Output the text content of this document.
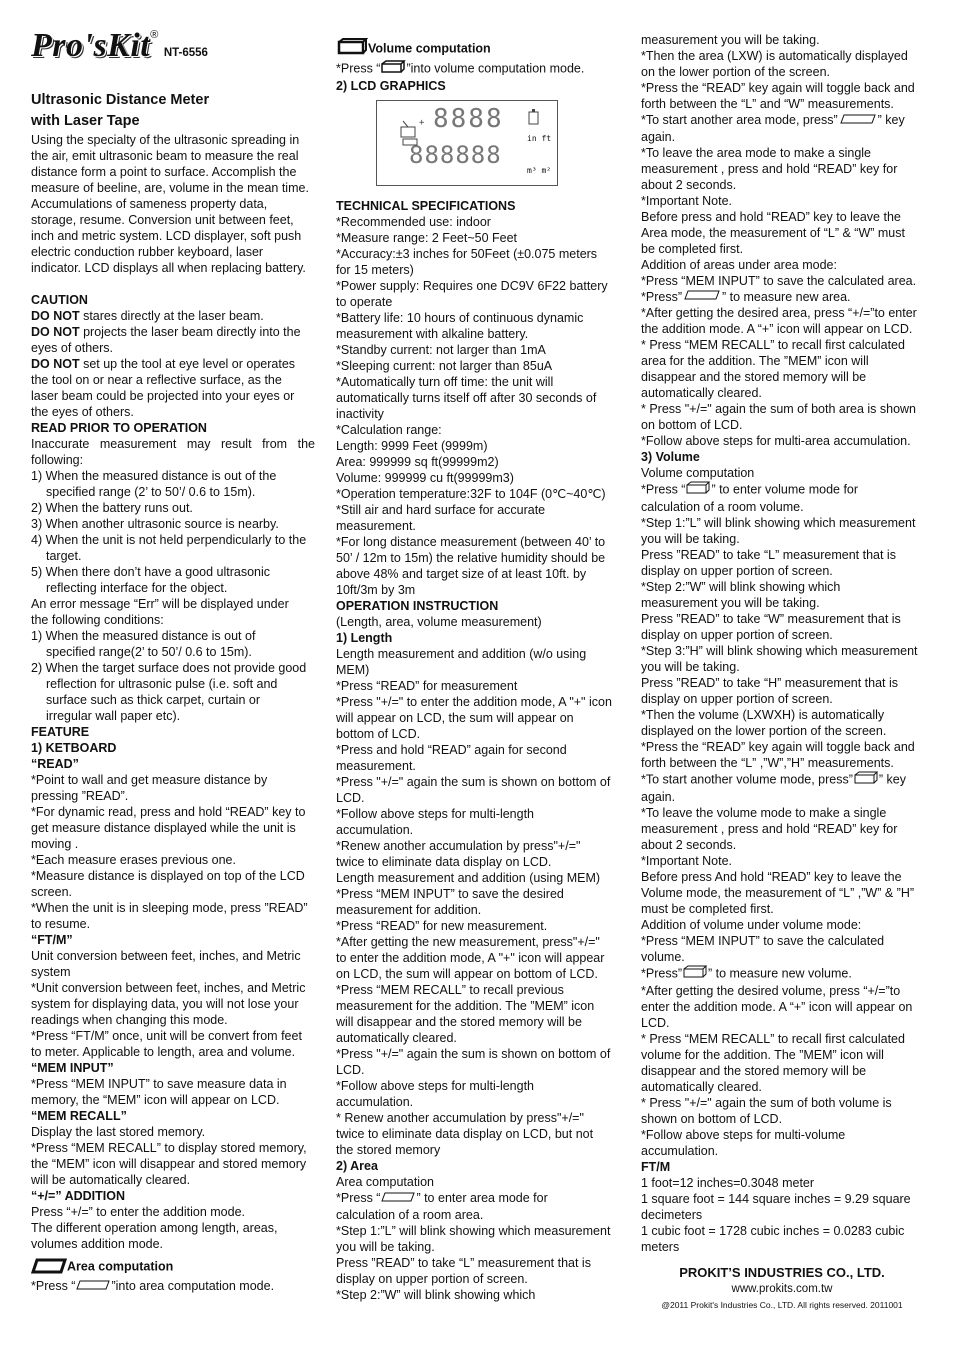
Pro'sKit® NT-6556
Ultrasonic Distance Meter
with Laser Tape
Using the specialty of the ultrasonic spreading in
the air, emit ultrasonic beam to measure the real
distance form a point to surface. Accomplish the
measure of beeline, are, volume in the mean time.
Accumulations of sameness property data,
storage, resume. Conversion unit between feet,
inch and metric system. LCD displayer, soft push
electric conduction rubber keyboard, laser
indicator. LCD displays all when replacing battery.
CAUTION
DO NOT stares directly at the laser beam.
DO NOT projects the laser beam directly into the
eyes of others.
DO NOT set up the tool at eye level or operates
the tool on or near a reflective surface, as the
laser beam could be projected into your eyes or
the eyes of others.
READ PRIOR TO OPERATION
Inaccurate measurement may result from the
following:
1) When the measured distance is out of the
specified range (2’ to 50’/ 0.6 to 15m).
2) When the battery runs out.
3) When another ultrasonic source is nearby.
4) When the unit is not held perpendicularly to the
target.
5) When there don’t have a good ultrasonic
reflecting interface for the object.
An error message “Err” will be displayed under
the following conditions:
1) When the measured distance is out of
specified range(2’ to 50’/ 0.6 to 15m).
2) When the target surface does not provide good
reflection for ultrasonic pulse (i.e. soft and
surface such as thick carpet, curtain or
irregular wall paper etc).
FEATURE
1) KETBOARD
“READ”
*Point to wall and get measure distance by
pressing ”READ”.
*For dynamic read, press and hold “READ” key to
get measure distance displayed while the unit is
moving .
*Each measure erases previous one.
*Measure distance is displayed on top of the LCD
screen.
*When the unit is in sleeping mode, press ”READ”
to resume.
“FT/M”
Unit conversion between feet, inches, and Metric
system
*Unit conversion between feet, inches, and Metric
system for displaying data, you will not lose your
readings when changing this mode.
*Press “FT/M” once, unit will be convert from feet
to meter. Applicable to length, area and volume.
“MEM INPUT”
*Press “MEM INPUT” to save measure data in
memory, the “MEM” icon will appear on LCD.
“MEM RECALL”
Display the last stored memory.
*Press “MEM RECALL” to display stored memory,
the “MEM” icon will disappear and stored memory
will be automatically cleared.
“+/=” ADDITION
Press “+/=” to enter the addition mode.
The different operation among length, areas,
volumes addition mode.
Area computation
*Press “	”into area computation mode.
Volume computation
*Press “ ”into volume computation mode.
2) LCD GRAPHICS
+ 8888
888888
in ft
m³ m²
TECHNICAL SPECIFICATIONS
*Recommended use: indoor
*Measure range: 2 Feet~50 Feet
*Accuracy:±3 inches for 50Feet (±0.075 meters
for 15 meters)
*Power supply: Requires one DC9V 6F22 battery
to operate
*Battery life: 10 hours of continuous dynamic
measurement with alkaline battery.
*Standby current: not larger than 1mA
*Sleeping current: not larger than 85uA
*Automatically turn off time: the unit will
automatically turns itself off after 30 seconds of
inactivity
*Calculation range:
Length: 9999 Feet (9999m)
Area: 999999 sq ft(99999m2)
Volume: 999999 cu ft(99999m3)
*Operation temperature:32F to 104F (0℃~40℃)
*Still air and hard surface for accurate
measurement.
*For long distance measurement (between 40’ to
50’ / 12m to 15m) the relative humidity should be
above 48% and target size of at least 10ft. by
10ft/3m by 3m
OPERATION INSTRUCTION
(Length, area, volume measurement)
1) Length
Length measurement and addition (w/o using
MEM)
*Press “READ” for measurement
*Press "+/=" to enter the addition mode, A "+" icon
will appear on LCD, the sum will appear on
bottom of LCD.
*Press and hold “READ” again for second
measurement.
*Press "+/=" again the sum is shown on bottom of
LCD.
*Follow above steps for multi-length
accumulation.
*Renew another accumulation by press"+/="
twice to eliminate data display on LCD.
Length measurement and addition (using MEM)
*Press “MEM INPUT” to save the desired
measurement for addition.
*Press “READ” for new measurement.
*After getting the new measurement, press"+/="
to enter the addition mode, A "+" icon will appear
on LCD, the sum will appear on bottom of LCD.
*Press “MEM RECALL” to recall previous
measurement for the addition. The ”MEM” icon
will disappear and the stored memory will be
automatically cleared.
*Press "+/=" again the sum is shown on bottom of
LCD.
*Follow above steps for multi-length
accumulation.
* Renew another accumulation by press"+/="
twice to eliminate data display on LCD, but not
the stored memory
2) Area
Area computation
*Press “	” to enter area mode for
calculation of a room area.
*Step 1:”L” will blink showing which measurement
you will be taking.
Press ”READ” to take “L” measurement that is
display on upper portion of screen.
*Step 2:”W” will blink showing which
measurement you will be taking.
*Then the area (LXW) is automatically displayed
on the lower portion of the screen.
*Press the “READ” key again will toggle back and
forth between the “L” and “W” measurements.
*To start another area mode, press”	” key
again.
*To leave the area mode to make a single
measurement , press and hold “READ” key for
about 2 seconds.
*Important Note.
Before press and hold “READ” key to leave the
Area mode, the measurement of “L” & “W” must
be completed first.
Addition of areas under area mode:
*Press “MEM INPUT” to save the calculated area.
*Press”	” to measure new area.
*After getting the desired area, press “+/=”to enter
the addition mode. A “+” icon will appear on LCD.
* Press “MEM RECALL” to recall first calculated
area for the addition. The ”MEM” icon will
disappear and the stored memory will be
automatically cleared.
* Press "+/=" again the sum of both area is shown
on bottom of LCD.
*Follow above steps for multi-area accumulation.
3) Volume
Volume computation
*Press “ ” to enter volume mode for
calculation of a room volume.
*Step 1:”L” will blink showing which measurement
you will be taking.
Press ”READ” to take “L” measurement that is
display on upper portion of screen.
*Step 2:”W” will blink showing which
measurement you will be taking.
Press ”READ” to take “W” measurement that is
display on upper portion of screen.
*Step 3:”H” will blink showing which measurement
you will be taking.
Press ”READ” to take “H” measurement that is
display on upper portion of screen.
*Then the volume (LXWXH) is automatically
displayed on the lower portion of the screen.
*Press the “READ” key again will toggle back and
forth between the “L” ,”W”,”H” measurements.
*To start another volume mode, press” ” key
again.
*To leave the volume mode to make a single
measurement , press and hold “READ” key for
about 2 seconds.
*Important Note.
Before press And hold “READ” key to leave the
Volume mode, the measurement of “L” ,”W” & ”H”
must be completed first.
Addition of volume under volume mode:
*Press “MEM INPUT” to save the calculated
volume.
*Press” ” to measure new volume.
*After getting the desired volume, press “+/=”to
enter the addition mode. A “+” icon will appear on
LCD.
* Press “MEM RECALL” to recall first calculated
volume for the addition. The ”MEM” icon will
disappear and the stored memory will be
automatically cleared.
* Press "+/=" again the sum of both volume is
shown on bottom of LCD.
*Follow above steps for multi-volume
accumulation.
FT/M
1 foot=12 inches=0.3048 meter
1 square foot = 144 square inches = 9.29 square
decimeters
1 cubic foot = 1728 cubic inches = 0.0283 cubic
meters
PROKIT’S INDUSTRIES CO., LTD.
www.prokits.com.tw
@2011 Prokit's Industries Co., LTD. All rights reserved. 2011001
